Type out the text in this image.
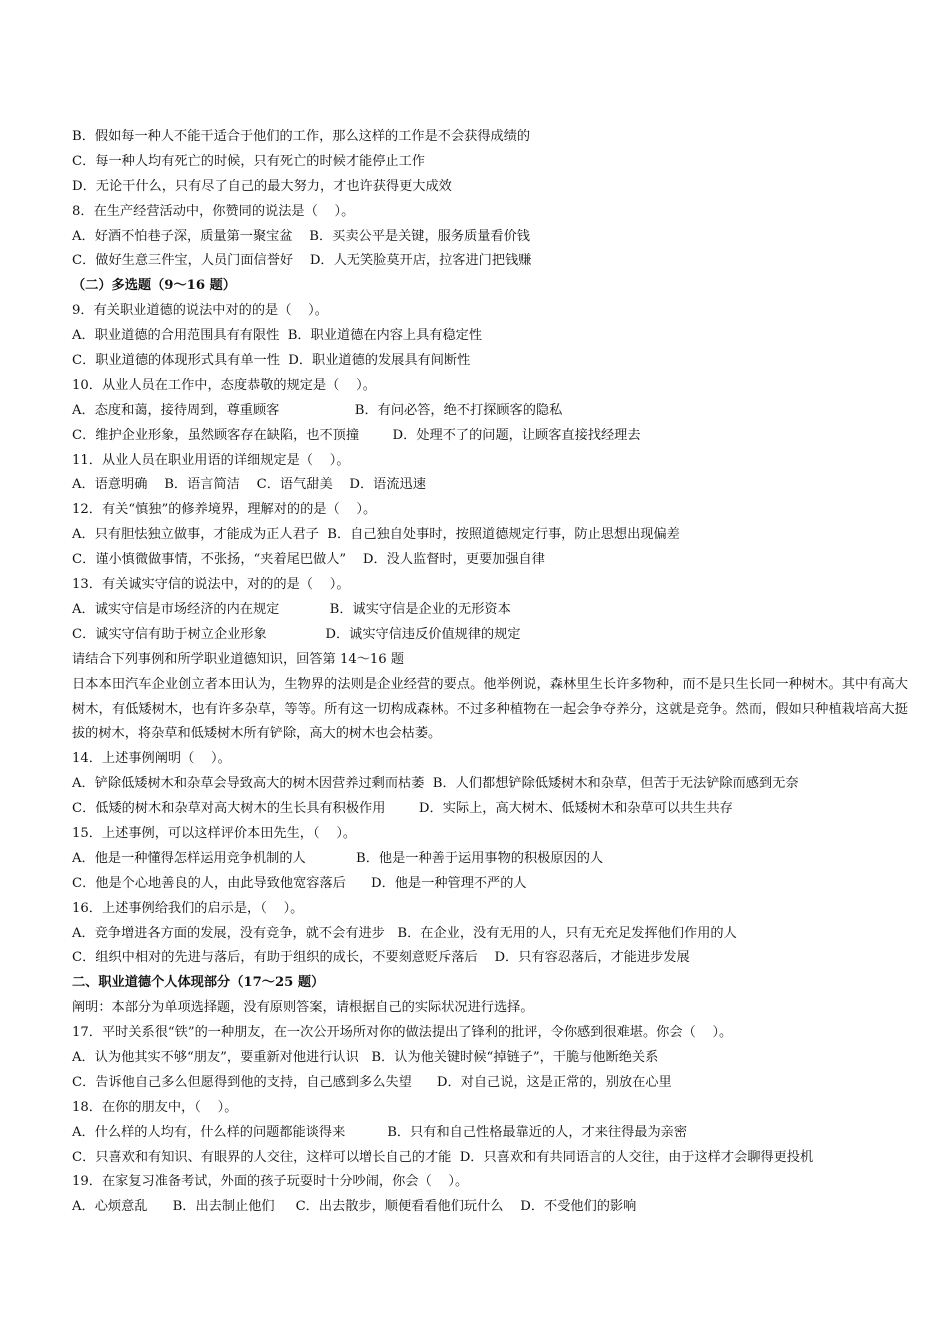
B．假如每一种人不能干适合于他们的工作，那么这样的工作是不会获得成绩的
C．每一种人均有死亡的时候，只有死亡的时候才能停止工作
D．无论干什么，只有尽了自己的最大努力，才也许获得更大成效
8．在生产经营活动中，你赞同的说法是（    ）。
A．好酒不怕巷子深，质量第一聚宝盆    B．买卖公平是关键，服务质量看价钱
C．做好生意三件宝，人员门面信誉好    D．人无笑脸莫开店，拉客进门把钱赚
（二）多选题（9～16 题）
9．有关职业道德的说法中对的的是（    ）。
A．职业道德的合用范围具有有限性  B．职业道德在内容上具有稳定性
C．职业道德的体现形式具有单一性  D．职业道德的发展具有间断性
10．从业人员在工作中，态度恭敬的规定是（    ）。
A．态度和蔼，接待周到，尊重顾客                  B．有问必答，绝不打探顾客的隐私
C．维护企业形象，虽然顾客存在缺陷，也不顶撞        D．处理不了的问题，让顾客直接找经理去
11．从业人员在职业用语的详细规定是（    ）。
A．语意明确    B．语言简洁    C．语气甜美    D．语流迅速
12．有关“慎独”的修养境界，理解对的的是（    ）。
A．只有胆怯独立做事，才能成为正人君子  B．自己独自处事时，按照道德规定行事，防止思想出现偏差
C．谨小慎微做事情，不张扬，“夹着尾巴做人”    D．没人监督时，更要加强自律
13．有关诚实守信的说法中，对的的是（    ）。
A．诚实守信是市场经济的内在规定            B．诚实守信是企业的无形资本
C．诚实守信有助于树立企业形象              D．诚实守信违反价值规律的规定
请结合下列事例和所学职业道德知识，回答第 14～16 题
日本本田汽车企业创立者本田认为，生物界的法则是企业经营的要点。他举例说，森林里生长许多物种，而不是只生长同一种树木。其中有高大树木，有低矮树木，也有许多杂草，等等。所有这一切构成森林。不过多种植物在一起会争夺养分，这就是竞争。然而，假如只种植栽培高大挺拔的树木，将杂草和低矮树木所有铲除，高大的树木也会枯萎。
14．上述事例阐明（    ）。
A．铲除低矮树木和杂草会导致高大的树木因营养过剩而枯萎  B．人们都想铲除低矮树木和杂草，但苦于无法铲除而感到无奈
C．低矮的树木和杂草对高大树木的生长具有积极作用        D．实际上，高大树木、低矮树木和杂草可以共生共存
15．上述事例，可以这样评价本田先生，（    ）。
A．他是一种懂得怎样运用竞争机制的人            B．他是一种善于运用事物的积极原因的人
C．他是个心地善良的人，由此导致他宽容落后      D．他是一种管理不严的人
16．上述事例给我们的启示是，（    ）。
A．竞争增进各方面的发展，没有竞争，就不会有进步   B．在企业，没有无用的人，只有无充足发挥他们作用的人
C．组织中相对的先进与落后，有助于组织的成长，不要刻意贬斥落后    D．只有容忍落后，才能进步发展
二、职业道德个人体现部分（17～25 题）
阐明：本部分为单项选择题，没有原则答案，请根据自己的实际状况进行选择。
17．平时关系很“铁”的一种朋友，在一次公开场所对你的做法提出了锋利的批评，令你感到很难堪。你会（    ）。
A．认为他其实不够“朋友”，要重新对他进行认识   B．认为他关键时候“掉链子”，干脆与他断绝关系
C．告诉他自己多么但愿得到他的支持，自己感到多么失望      D．对自己说，这是正常的，别放在心里
18．在你的朋友中，（    ）。
A．什么样的人均有，什么样的问题都能谈得来          B．只有和自己性格最靠近的人，才来往得最为亲密
C．只喜欢和有知识、有眼界的人交往，这样可以增长自己的才能  D．只喜欢和有共同语言的人交往，由于这样才会聊得更投机
19．在家复习准备考试，外面的孩子玩耍时十分吵闹，你会（    ）。
A．心烦意乱      B．出去制止他们     C．出去散步，顺便看看他们玩什么    D．不受他们的影响
